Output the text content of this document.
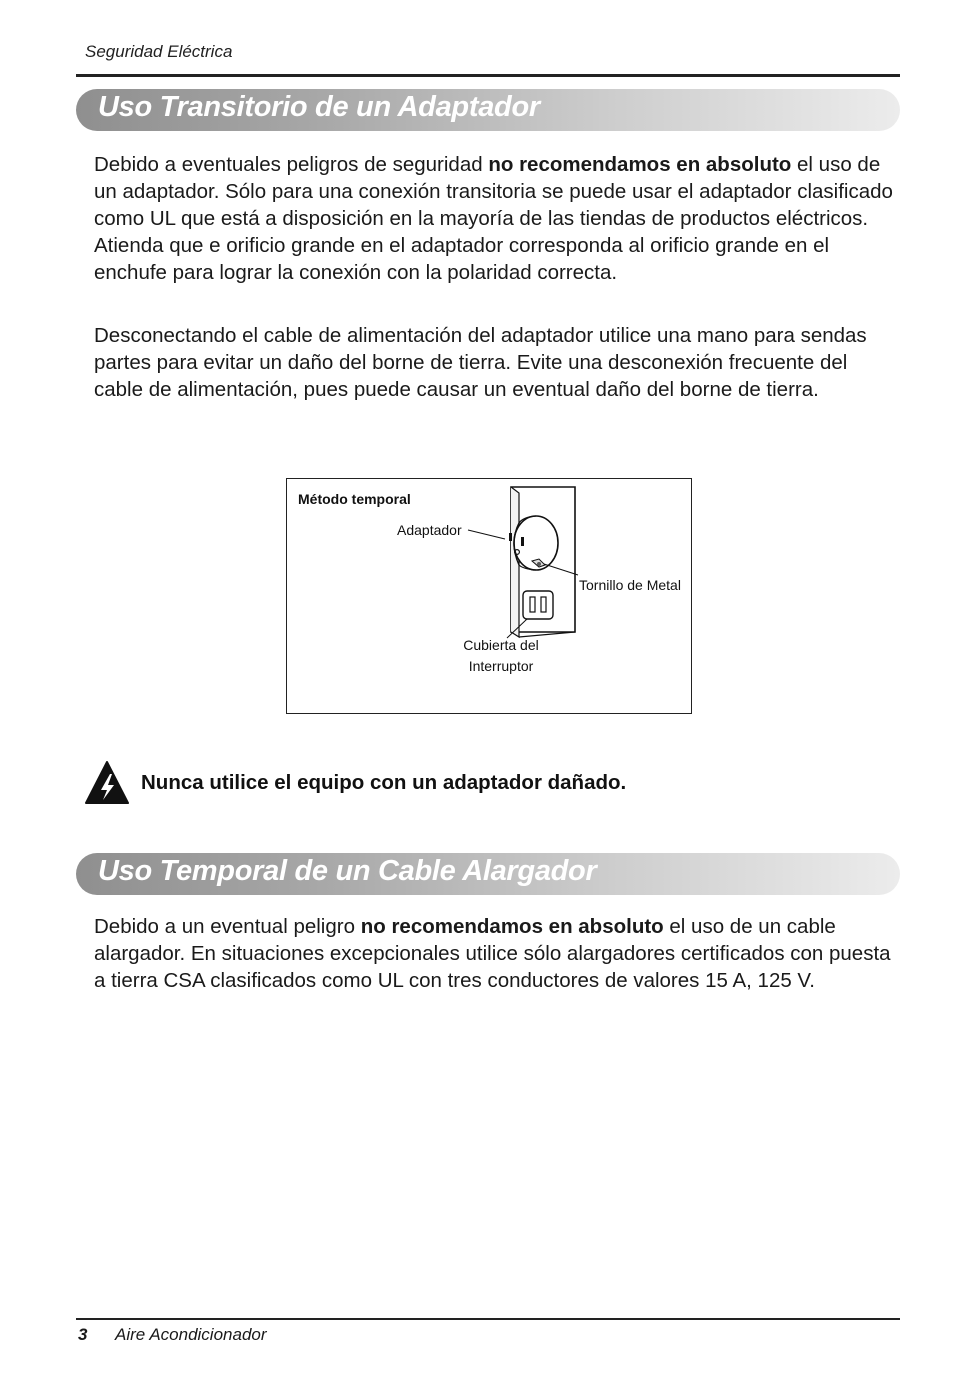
Seguridad Eléctrica
Uso Transitorio de un Adaptador
Debido a eventuales peligros de seguridad no recomendamos en absoluto el uso de un adaptador. Sólo para una conexión transitoria se puede usar el adaptador clasificado como UL que está a disposición en la mayoría de las tiendas de productos eléctricos. Atienda que e orificio grande en el adaptador corresponda al orificio grande en el enchufe para lograr la conexión con la polaridad correcta.
Desconectando el cable de alimentación del adaptador utilice una mano para sendas partes para evitar un daño del borne de tierra. Evite una desconexión frecuente del cable de alimentación, pues puede causar un eventual daño del borne de tierra.
Método temporal
Adaptador
Tornillo de Metal
Cubierta del
Interruptor
Nunca utilice el equipo con un adaptador dañado.
Uso Temporal de un Cable Alargador
Debido a un eventual peligro no recomendamos en absoluto el uso de un cable alargador. En situaciones excepcionales utilice sólo alargadores certificados con puesta a tierra CSA clasificados como UL con tres conductores de valores 15 A, 125 V.
3 Aire Acondicionador
